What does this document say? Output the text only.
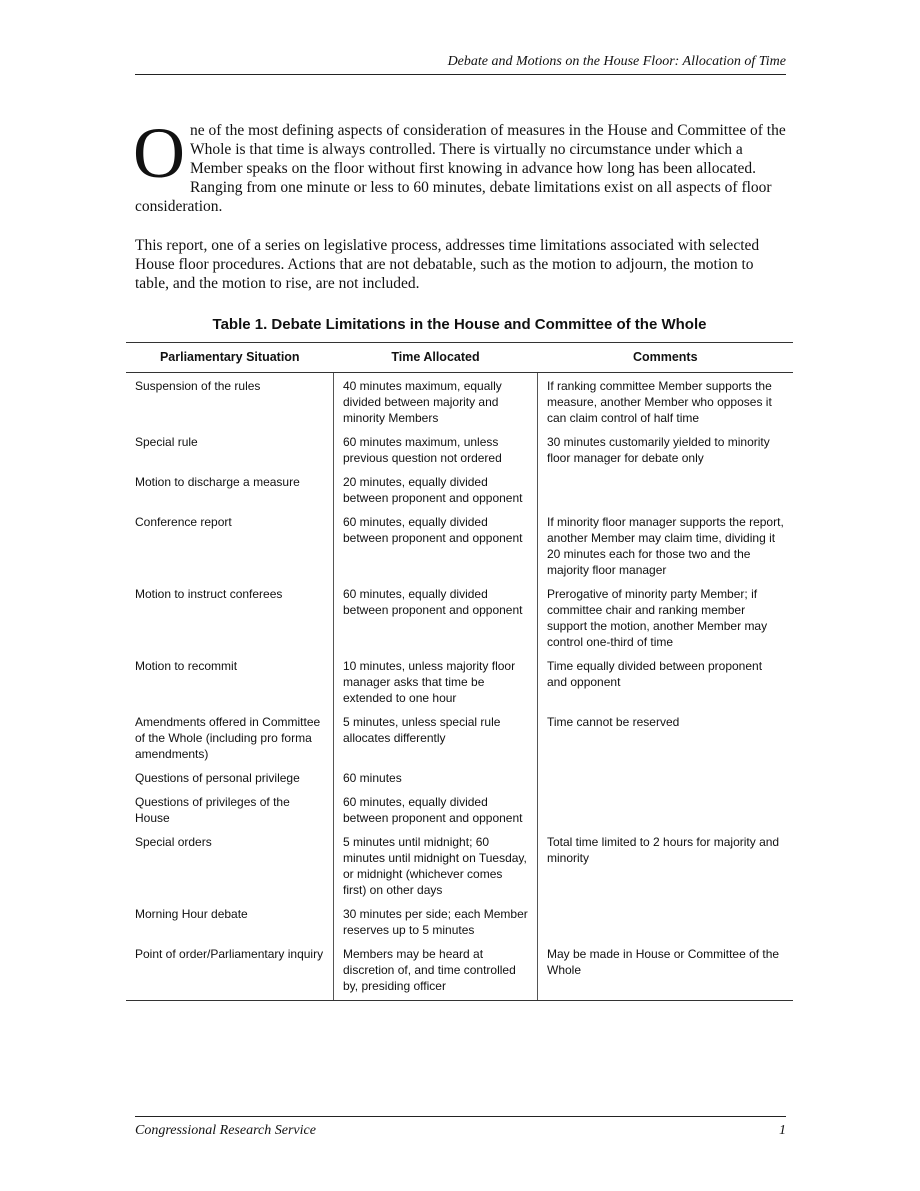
Debate and Motions on the House Floor: Allocation of Time

One of the most defining aspects of consideration of measures in the House and Committee of the Whole is that time is always controlled. There is virtually no circumstance under which a Member speaks on the floor without first knowing in advance how long has been allocated. Ranging from one minute or less to 60 minutes, debate limitations exist on all aspects of floor consideration.

This report, one of a series on legislative process, addresses time limitations associated with selected House floor procedures. Actions that are not debatable, such as the motion to adjourn, the motion to table, and the motion to rise, are not included.

Table 1. Debate Limitations in the House and Committee of the Whole
Parliamentary Situation	Time Allocated	Comments
Suspension of the rules	40 minutes maximum, equally divided between majority and minority Members	If ranking committee Member supports the measure, another Member who opposes it can claim control of half time
Special rule	60 minutes maximum, unless previous question not ordered	30 minutes customarily yielded to minority floor manager for debate only
Motion to discharge a measure	20 minutes, equally divided between proponent and opponent	
Conference report	60 minutes, equally divided between proponent and opponent	If minority floor manager supports the report, another Member may claim time, dividing it 20 minutes each for those two and the majority floor manager
Motion to instruct conferees	60 minutes, equally divided between proponent and opponent	Prerogative of minority party Member; if committee chair and ranking member support the motion, another Member may control one-third of time
Motion to recommit	10 minutes, unless majority floor manager asks that time be extended to one hour	Time equally divided between proponent and opponent
Amendments offered in Committee of the Whole (including pro forma amendments)	5 minutes, unless special rule allocates differently	Time cannot be reserved
Questions of personal privilege	60 minutes	
Questions of privileges of the House	60 minutes, equally divided between proponent and opponent	
Special orders	5 minutes until midnight; 60 minutes until midnight on Tuesday, or midnight (whichever comes first) on other days	Total time limited to 2 hours for majority and minority
Morning Hour debate	30 minutes per side; each Member reserves up to 5 minutes	
Point of order/Parliamentary inquiry	Members may be heard at discretion of, and time controlled by, presiding officer	May be made in House or Committee of the Whole
Congressional Research Service	1
